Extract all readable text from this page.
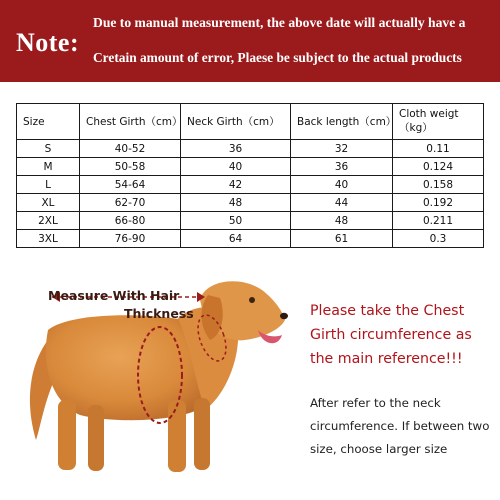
Note:
Due to manual measurement, the above date will actually have a
Cretain amount of error, Plaese be subject to the actual products
Size	Chest Girth（cm）	Neck Girth（cm）	Back length（cm）	Cloth weigt（kg）
S	40-52	36	32	0.11
M	50-58	40	36	0.124
L	54-64	42	40	0.158
XL	62-70	48	44	0.192
2XL	66-80	50	48	0.211
3XL	76-90	64	61	0.3
Measure With Hair
Thickness	Please take the Chest
Girth circumference as
the main reference!!!
After refer to the neck
circumference. If between two
size, choose larger size
